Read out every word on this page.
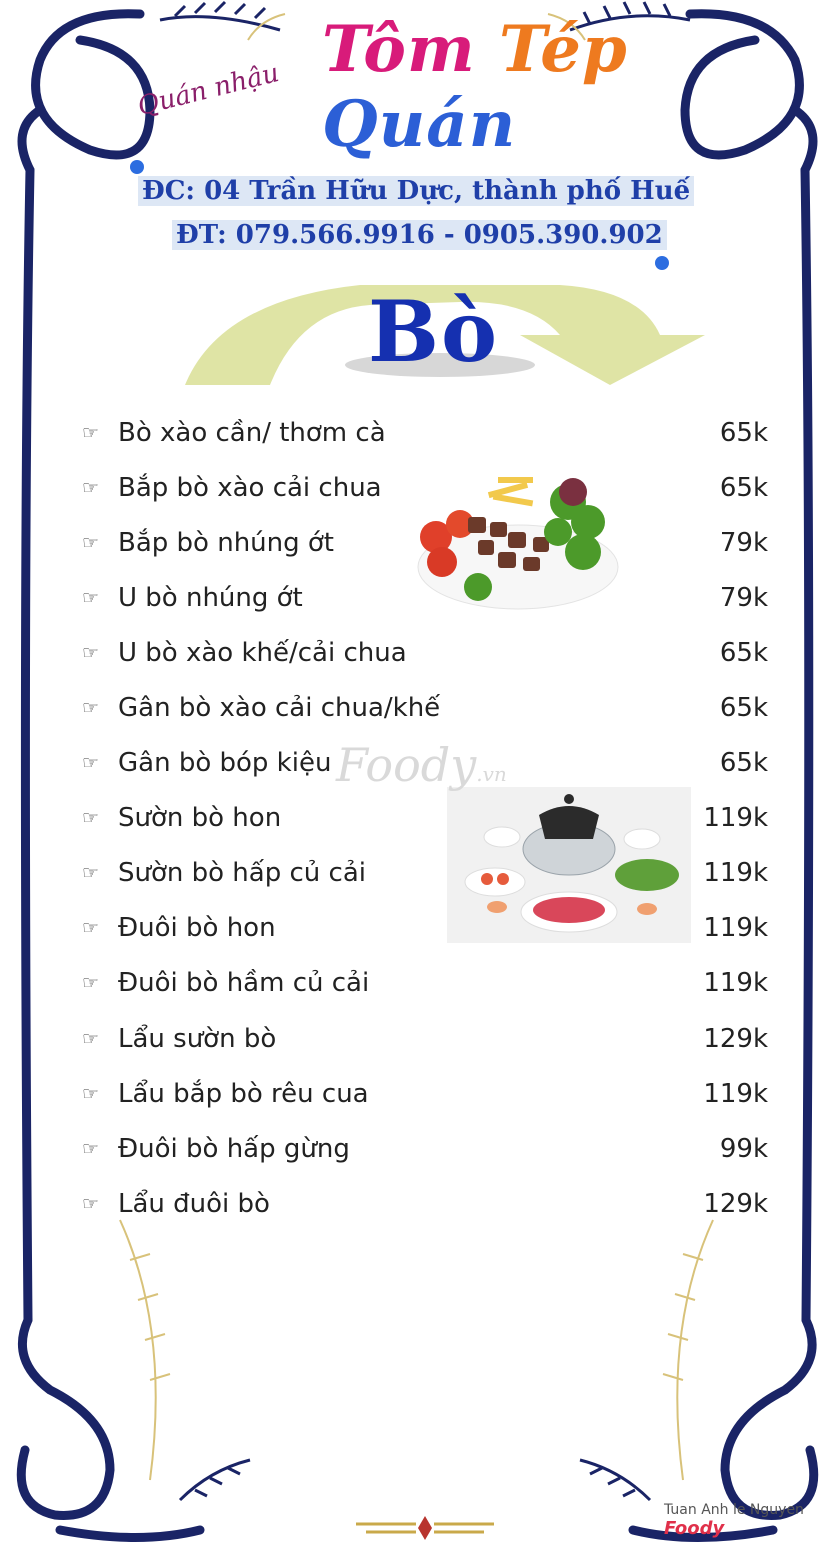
Quán nhậu
Tôm Tép Quán
ĐC: 04 Trần Hữu Dực, thành phố Huế
ĐT: 079.566.9916 - 0905.390.902
Bò
Foody.vn
☞ Bò xào cần/ thơm cà	65k
☞ Bắp bò xào cải chua	65k
☞ Bắp bò nhúng ớt	79k
☞ U bò nhúng ớt	79k
☞ U bò xào khế/cải chua	65k
☞ Gân bò xào cải chua/khế	65k
☞ Gân bò bóp kiệu	65k
☞ Sườn bò hon	119k
☞ Sườn bò hấp củ cải	119k
☞ Đuôi bò hon	119k
☞ Đuôi bò hầm củ cải	119k
☞ Lẩu sườn bò	129k
☞ Lẩu bắp bò rêu cua	119k
☞ Đuôi bò hấp gừng	99k
☞ Lẩu đuôi bò	129k
Tuan Anh le Nguyen
Foody
